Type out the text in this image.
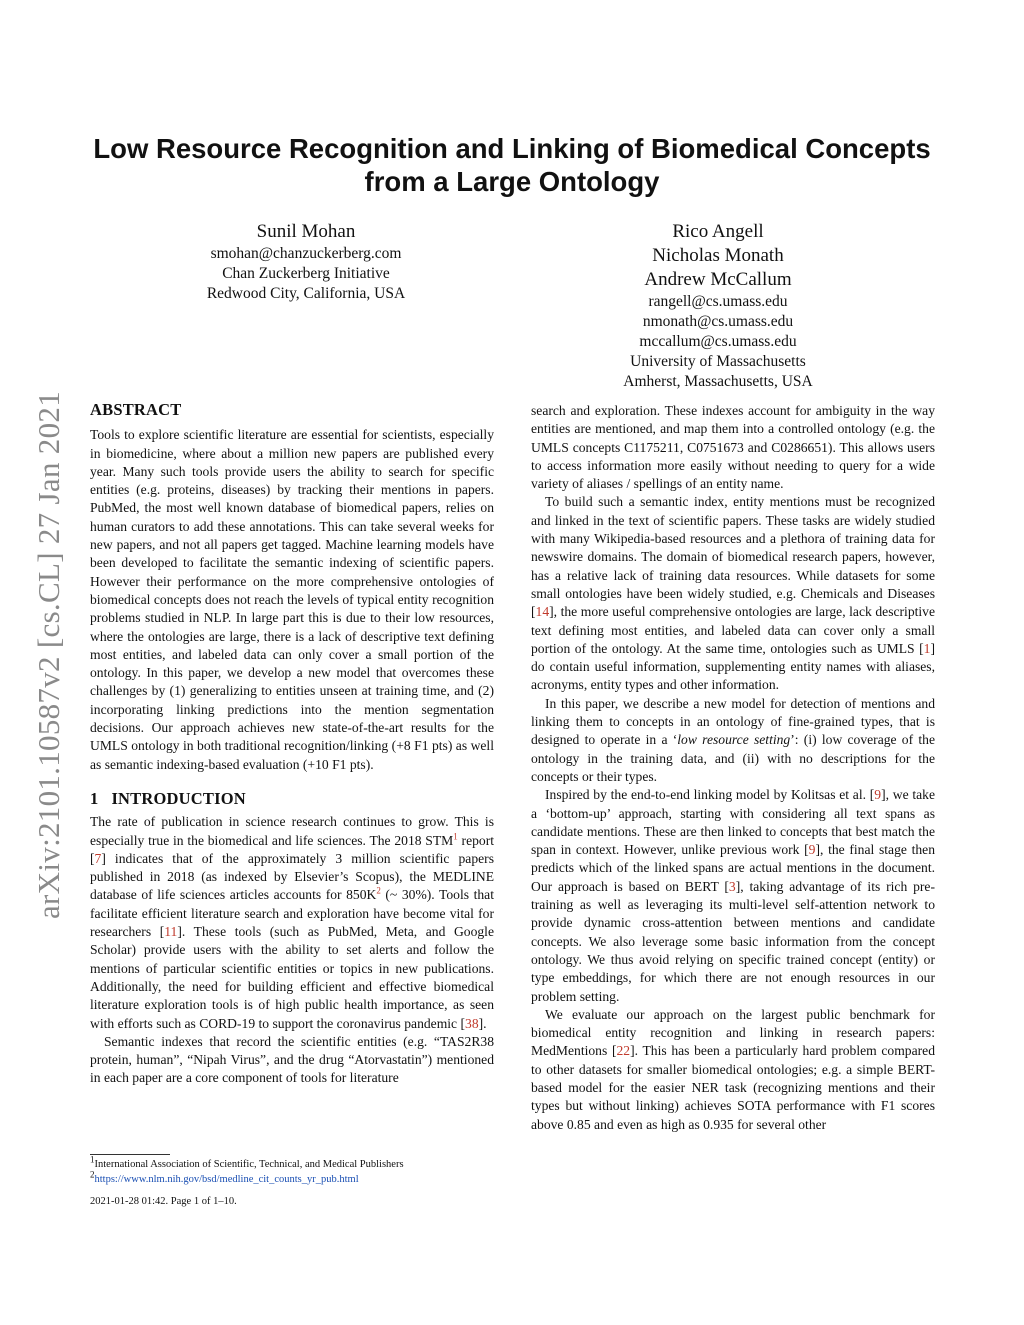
arXiv:2101.10587v2 [cs.CL] 27 Jan 2021
Low Resource Recognition and Linking of Biomedical Concepts
from a Large Ontology
Sunil Mohan
smohan@chanzuckerberg.com
Chan Zuckerberg Initiative
Redwood City, California, USA
Rico Angell
Nicholas Monath
Andrew McCallum
rangell@cs.umass.edu
nmonath@cs.umass.edu
mccallum@cs.umass.edu
University of Massachusetts
Amherst, Massachusetts, USA
ABSTRACT

Tools to explore scientific literature are essential for scientists, especially in biomedicine, where about a million new papers are published every year. Many such tools provide users the ability to search for specific entities (e.g. proteins, diseases) by tracking their mentions in papers. PubMed, the most well known database of biomedical papers, relies on human curators to add these annotations. This can take several weeks for new papers, and not all papers get tagged. Machine learning models have been developed to facilitate the semantic indexing of scientific papers. However their performance on the more comprehensive ontologies of biomedical concepts does not reach the levels of typical entity recognition problems studied in NLP. In large part this is due to their low resources, where the ontologies are large, there is a lack of descriptive text defining most entities, and labeled data can only cover a small portion of the ontology. In this paper, we develop a new model that overcomes these challenges by (1) generalizing to entities unseen at training time, and (2) incorporating linking predictions into the mention segmentation decisions. Our approach achieves new state-of-the-art results for the UMLS ontology in both traditional recognition/linking (+8 F1 pts) as well as semantic indexing-based evaluation (+10 F1 pts).

1 INTRODUCTION

The rate of publication in science research continues to grow. This is especially true in the biomedical and life sciences. The 2018 STM$^1$ report [7] indicates that of the approximately 3 million scientific papers published in 2018 (as indexed by Elsevier’s Scopus), the MEDLINE database of life sciences articles accounts for 850K$^2$ (~ 30%). Tools that facilitate efficient literature search and exploration have become vital for researchers [11]. These tools (such as PubMed, Meta, and Google Scholar) provide users with the ability to set alerts and follow the mentions of particular scientific entities or topics in new publications. Additionally, the need for building efficient and effective biomedical literature exploration tools is of high public health importance, as seen with efforts such as CORD-19 to support the coronavirus pandemic [38].

Semantic indexes that record the scientific entities (e.g. “TAS2R38 protein, human”, “Nipah Virus”, and the drug “Atorvastatin”) mentioned in each paper are a core component of tools for literature

search and exploration. These indexes account for ambiguity in the way entities are mentioned, and map them into a controlled ontology (e.g. the UMLS concepts C1175211, C0751673 and C0286651). This allows users to access information more easily without needing to query for a wide variety of aliases / spellings of an entity name.

To build such a semantic index, entity mentions must be recognized and linked in the text of scientific papers. These tasks are widely studied with many Wikipedia-based resources and a plethora of training data for newswire domains. The domain of biomedical research papers, however, has a relative lack of training data resources. While datasets for some small ontologies have been widely studied, e.g. Chemicals and Diseases [14], the more useful comprehensive ontologies are large, lack descriptive text defining most entities, and labeled data can cover only a small portion of the ontology. At the same time, ontologies such as UMLS [1] do contain useful information, supplementing entity names with aliases, acronyms, entity types and other information.

In this paper, we describe a new model for detection of mentions and linking them to concepts in an ontology of fine-grained types, that is designed to operate in a ‘low resource setting’: (i) low coverage of the ontology in the training data, and (ii) with no descriptions for the concepts or their types.

Inspired by the end-to-end linking model by Kolitsas et al. [9], we take a ‘bottom-up’ approach, starting with considering all text spans as candidate mentions. These are then linked to concepts that best match the span in context. However, unlike previous work [9], the final stage then predicts which of the linked spans are actual mentions in the document. Our approach is based on BERT [3], taking advantage of its rich pre-training as well as leveraging its multi-level self-attention network to provide dynamic cross-attention between mentions and candidate concepts. We also leverage some basic information from the concept ontology. We thus avoid relying on specific trained concept (entity) or type embeddings, for which there are not enough resources in our problem setting.

We evaluate our approach on the largest public benchmark for biomedical entity recognition and linking in research papers: MedMentions [22]. This has been a particularly hard problem compared to other datasets for smaller biomedical ontologies; e.g. a simple BERT-based model for the easier NER task (recognizing mentions and their types but without linking) achieves SOTA performance with F1 scores above 0.85 and even as high as 0.935 for several other

$^1$International Association of Scientific, Technical, and Medical Publishers
$^2$https://www.nlm.nih.gov/bsd/medline_cit_counts_yr_pub.html
2021-01-28 01:42. Page 1 of 1–10.
